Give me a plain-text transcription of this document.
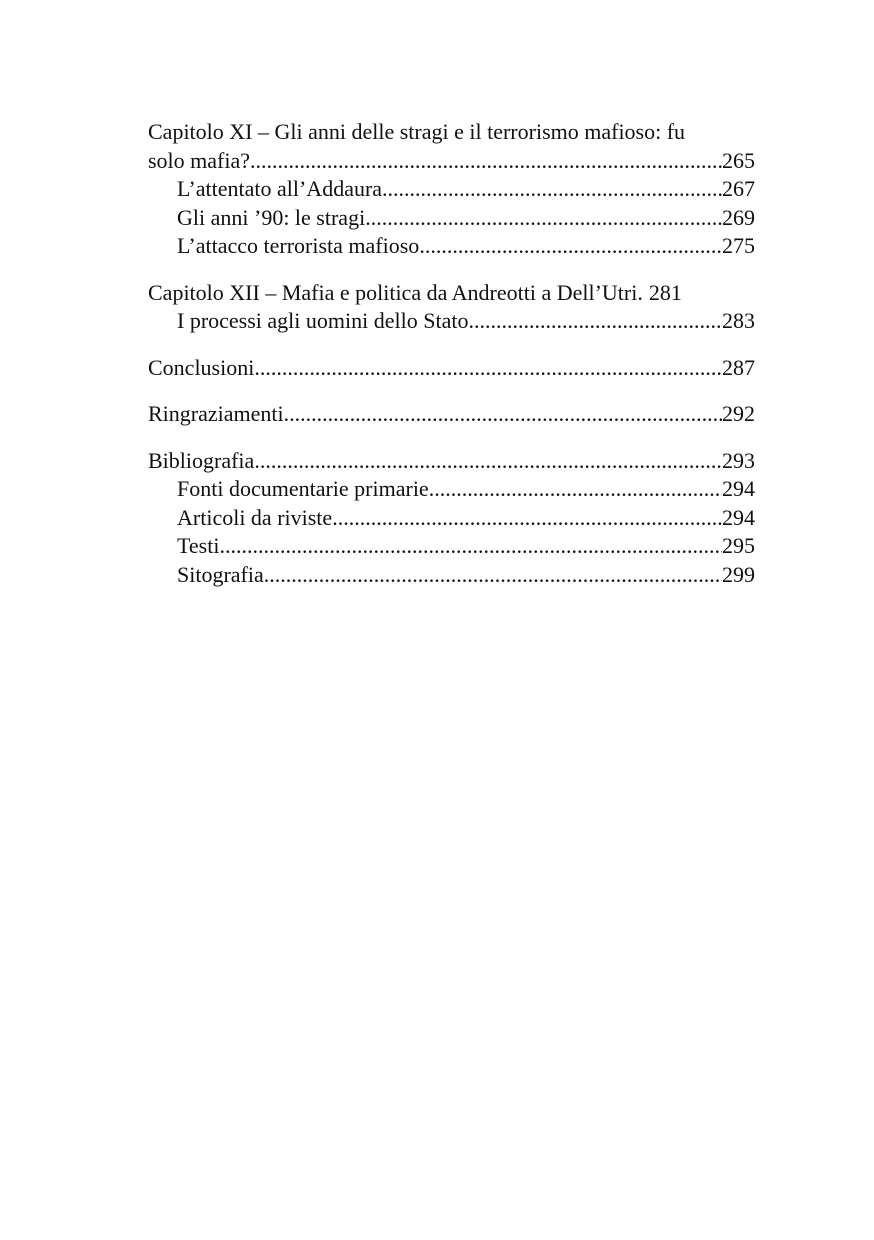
Capitolo XI – Gli anni delle stragi e il terrorismo mafioso: fu
solo mafia? .....	265
L’attentato all’Addaura .....	267
Gli anni ’90: le stragi .....	269
L’attacco terrorista mafioso .....	275
Capitolo XII – Mafia e politica da Andreotti a Dell’Utri. 281
I processi agli uomini dello Stato .....	283
Conclusioni .....	287
Ringraziamenti .....	292
Bibliografia .....	293
Fonti documentarie primarie .....	294
Articoli da riviste .....	294
Testi .....	295
Sitografia .....	299
